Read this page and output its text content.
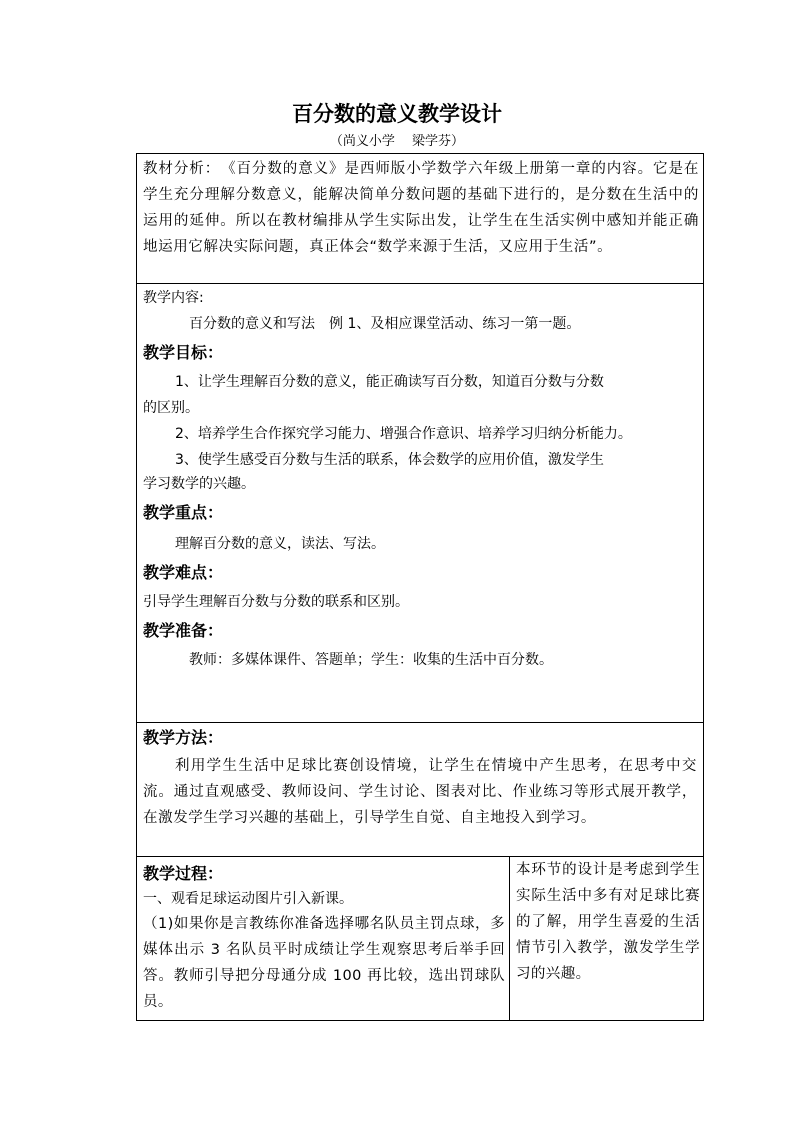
百分数的意义教学设计
（尚义小学　 梁学芬）
教材分析：　《百分数的意义》是西师版小学数学六年级上册第一章的内容。它是在学生充分理解分数意义，能解决简单分数问题的基础下进行的，是分数在生活中的运用的延伸。所以在教材编排从学生实际出发，让学生在生活实例中感知并能正确地运用它解决实际问题，真正体会“数学来源于生活，又应用于生活”。
教学内容:
百分数的意义和写法　例 1、及相应课堂活动、练习一第一题。
教学目标：
1、让学生理解百分数的意义，能正确读写百分数，知道百分数与分数
的区别。
2、培养学生合作探究学习能力、增强合作意识、培养学习归纳分析能力。
3、使学生感受百分数与生活的联系，体会数学的应用价值，激发学生
学习数学的兴趣。
教学重点：
理解百分数的意义，读法、写法。
教学难点：
引导学生理解百分数与分数的联系和区别。
教学准备：
教师：多媒体课件、答题单；学生：收集的生活中百分数。
教学方法：
利用学生生活中足球比赛创设情境，让学生在情境中产生思考，在思考中交流。通过直观感受、教师设问、学生讨论、图表对比、作业练习等形式展开教学，在激发学生学习兴趣的基础上，引导学生自觉、自主地投入到学习。
教学过程：
一、观看足球运动图片引入新课。
（1)如果你是言教练你准备选择哪名队员主罚点球，多媒体出示 3 名队员平时成绩让学生观察思考后举手回答。教师引导把分母通分成 100 再比较，选出罚球队员。
本环节的设计是考虑到学生实际生活中多有对足球比赛的了解，用学生喜爱的生活情节引入教学，激发学生学习的兴趣。
